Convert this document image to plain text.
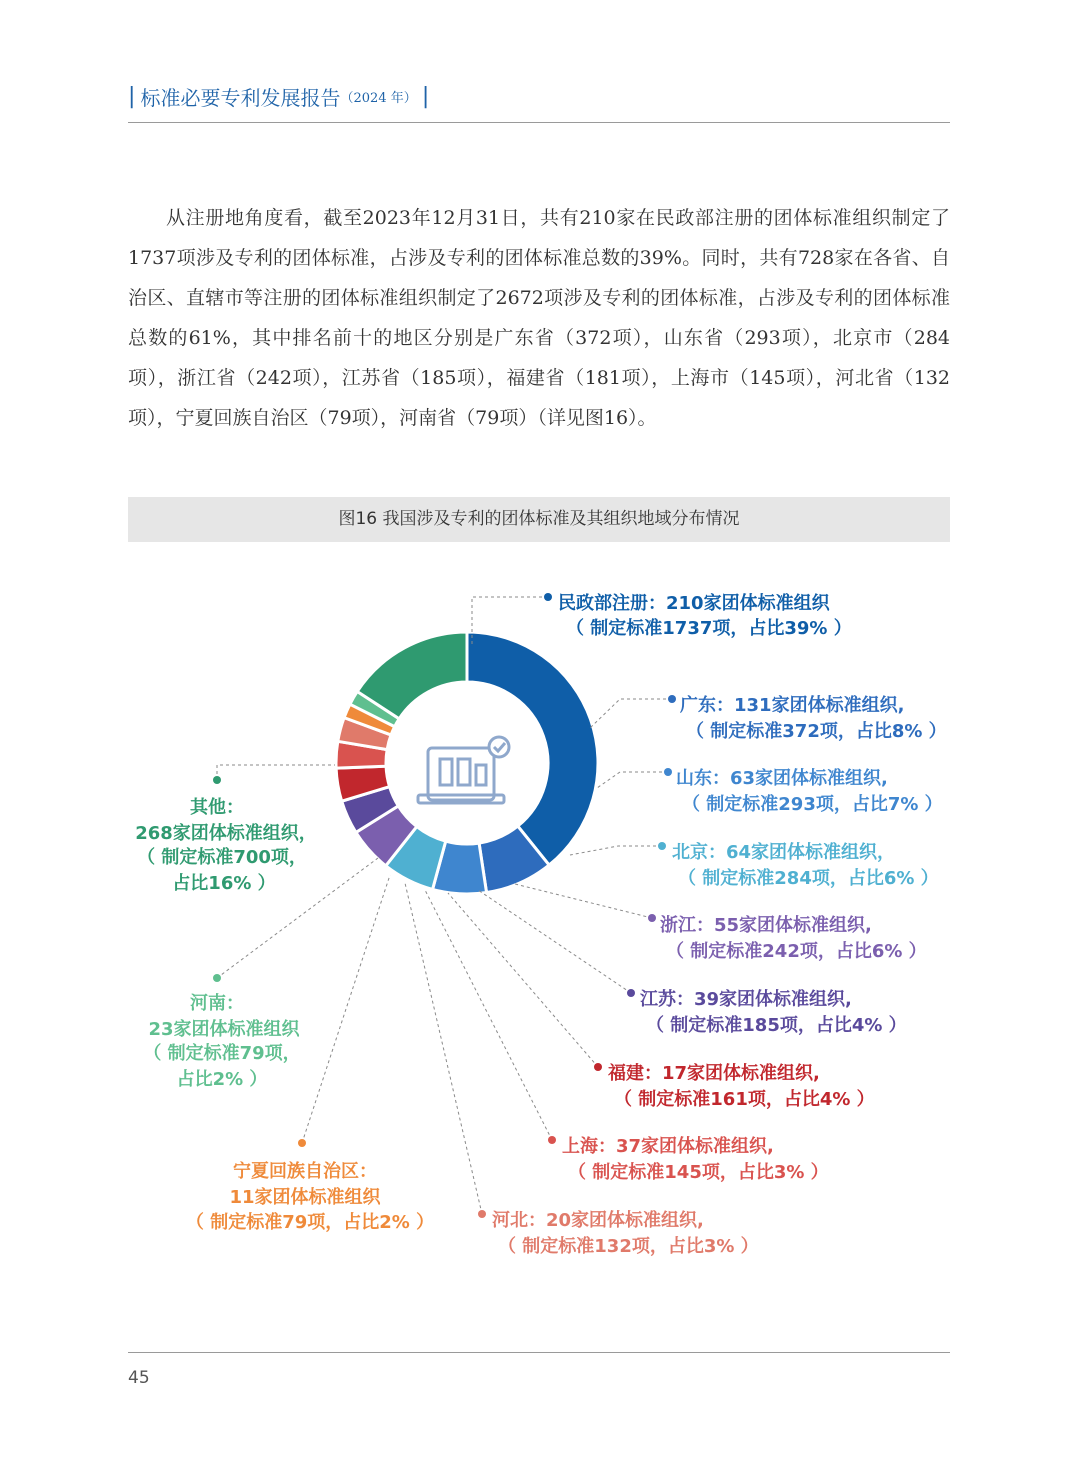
| 标准必要专利发展报告（2024 年） |

从注册地角度看，截至2023年12月31日，共有210家在民政部注册的团体标准组织制定了1737项涉及专利的团体标准，占涉及专利的团体标准总数的39%。同时，共有728家在各省、自治区、直辖市等注册的团体标准组织制定了2672项涉及专利的团体标准，占涉及专利的团体标准总数的61%，其中排名前十的地区分别是广东省（372项），山东省（293项），北京市（284项），浙江省（242项），江苏省（185项），福建省（181项），上海市（145项），河北省（132项），宁夏回族自治区（79项），河南省（79项）（详见图16）。

图16 我国涉及专利的团体标准及其组织地域分布情况
民政部注册：210家团体标准组织
（ 制定标准1737项，占比39% ）
广东：131家团体标准组织,
（ 制定标准372项，占比8% ）
山东：63家团体标准组织,
（ 制定标准293项，占比7% ）
北京：64家团体标准组织，
（ 制定标准284项，占比6% ）
浙江：55家团体标准组织,
（ 制定标准242项，占比6% ）
江苏：39家团体标准组织,
（ 制定标准185项，占比4% ）
福建：17家团体标准组织,
（ 制定标准161项，占比4% ）
上海：37家团体标准组织,
（ 制定标准145项，占比3% ）
河北：20家团体标准组织,
（ 制定标准132项，占比3% ）
宁夏回族自治区：
11家团体标准组织
（ 制定标准79项，占比2% ）
河南：
23家团体标准组织
（ 制定标准79项，
占比2% ）
其他：
268家团体标准组织，
（ 制定标准700项，
占比16% ）
45
